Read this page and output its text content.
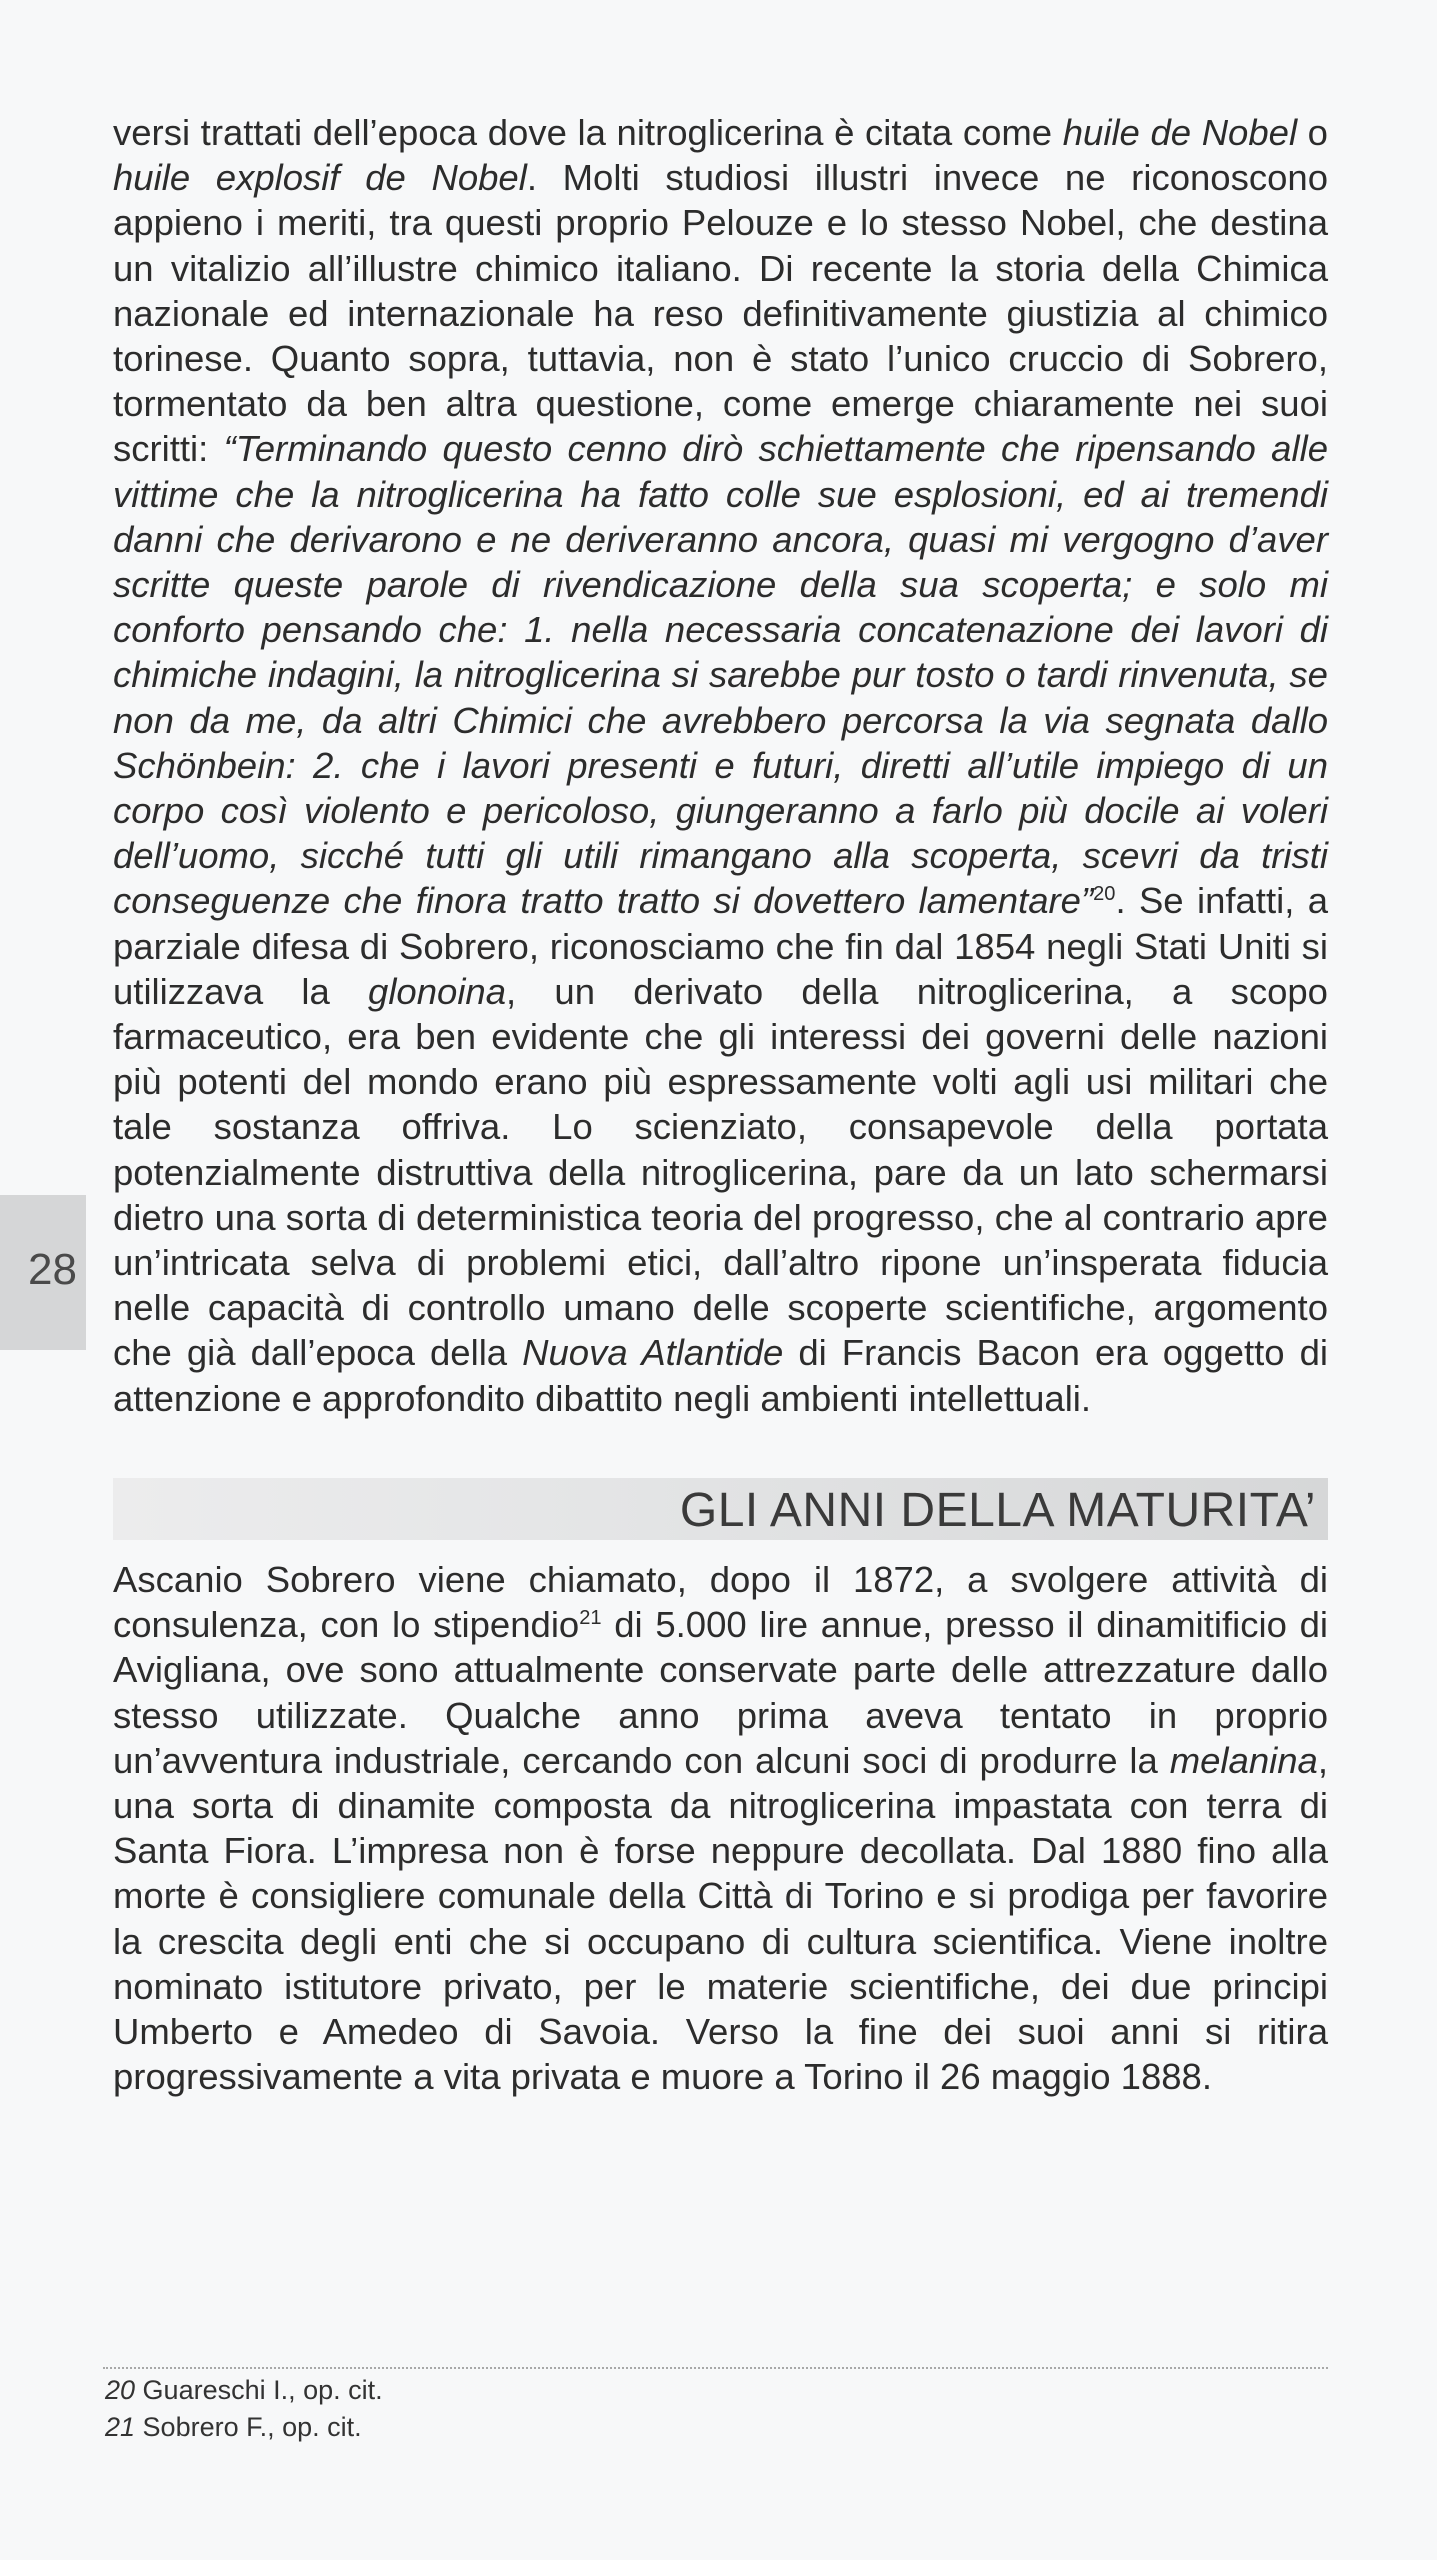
28

versi trattati dell’epoca dove la nitroglicerina è citata come huile de Nobel o huile explosif de Nobel. Molti studiosi illustri invece ne riconoscono appieno i meriti, tra questi proprio Pelouze e lo stesso Nobel, che destina un vitalizio all’illustre chimico italiano. Di recente la storia della Chimica nazionale ed internazionale ha reso definitivamente giustizia al chimico torinese. Quanto sopra, tuttavia, non è stato l’unico cruccio di Sobrero, tormentato da ben altra questione, come emerge chiaramente nei suoi scritti: “Terminando questo cenno dirò schiettamente che ripensando alle vittime che la nitroglicerina ha fatto colle sue esplosioni, ed ai tremendi danni che derivarono e ne deriveranno ancora, quasi mi vergogno d’aver scritte queste parole di rivendicazione della sua scoperta; e solo mi conforto pensando che: 1. nella necessaria concatenazione dei lavori di chimiche indagini, la nitroglicerina si sarebbe pur tosto o tardi rinvenuta, se non da me, da altri Chimici che avrebbero percorsa la via segnata dallo Schönbein: 2. che i lavori presenti e futuri, diretti all’utile impiego di un corpo così violento e pericoloso, giungeranno a farlo più docile ai voleri dell’uomo, sicché tutti gli utili rimangano alla scoperta, scevri da tristi conseguenze che finora tratto tratto si dovettero lamentare”$^{20}$. Se infatti, a parziale difesa di Sobrero, riconosciamo che fin dal 1854 negli Stati Uniti si utilizzava la glonoina, un derivato della nitroglicerina, a scopo farmaceutico, era ben evidente che gli interessi dei governi delle nazioni più potenti del mondo erano più espressamente volti agli usi militari che tale sostanza offriva. Lo scienziato, consapevole della portata potenzialmente distruttiva della nitroglicerina, pare da un lato schermarsi dietro una sorta di deterministica teoria del progresso, che al contrario apre un’intricata selva di problemi etici, dall’altro ripone un’insperata fiducia nelle capacità di controllo umano delle scoperte scientifiche, argomento che già dall’epoca della Nuova Atlantide di Francis Bacon era oggetto di attenzione e approfondito dibattito negli ambienti intellettuali.

GLI ANNI DELLA MATURITA’

Ascanio Sobrero viene chiamato, dopo il 1872, a svolgere attività di consulenza, con lo stipendio$^{21}$ di 5.000 lire annue, presso il dinamitificio di Avigliana, ove sono attualmente conservate parte delle attrezzature dallo stesso utilizzate. Qualche anno prima aveva tentato in proprio un’avventura industriale, cercando con alcuni soci di produrre la melanina, una sorta di dinamite composta da nitroglicerina impastata con terra di Santa Fiora. L’impresa non è forse neppure decollata. Dal 1880 fino alla morte è consigliere comunale della Città di Torino e si prodiga per favorire la crescita degli enti che si occupano di cultura scientifica. Viene inoltre nominato istitutore privato, per le materie scientifiche, dei due principi Umberto e Amedeo di Savoia. Verso la fine dei suoi anni si ritira progressivamente a vita privata e muore a Torino il 26 maggio 1888.

20 Guareschi I., op. cit.
21 Sobrero F., op. cit.
